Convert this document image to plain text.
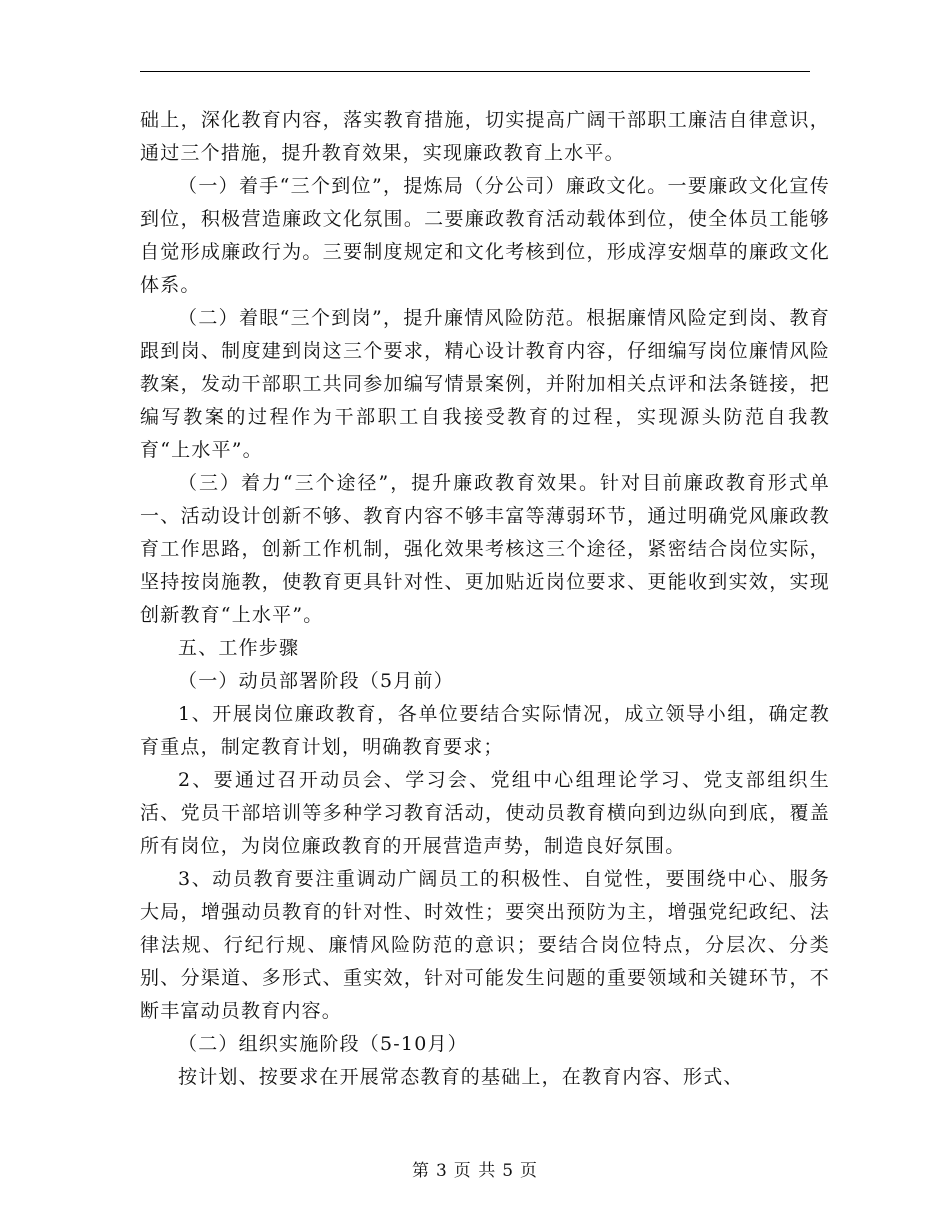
础上，深化教育内容，落实教育措施，切实提高广阔干部职工廉洁自律意识，通过三个措施，提升教育效果，实现廉政教育上水平。

（一）着手“三个到位”，提炼局（分公司）廉政文化。一要廉政文化宣传到位，积极营造廉政文化氛围。二要廉政教育活动载体到位，使全体员工能够自觉形成廉政行为。三要制度规定和文化考核到位，形成淳安烟草的廉政文化体系。

（二）着眼“三个到岗”，提升廉情风险防范。根据廉情风险定到岗、教育跟到岗、制度建到岗这三个要求，精心设计教育内容，仔细编写岗位廉情风险教案，发动干部职工共同参加编写情景案例，并附加相关点评和法条链接，把编写教案的过程作为干部职工自我接受教育的过程，实现源头防范自我教育“上水平”。

（三）着力“三个途径”，提升廉政教育效果。针对目前廉政教育形式单一、活动设计创新不够、教育内容不够丰富等薄弱环节，通过明确党风廉政教育工作思路，创新工作机制，强化效果考核这三个途径，紧密结合岗位实际，坚持按岗施教，使教育更具针对性、更加贴近岗位要求、更能收到实效，实现创新教育“上水平”。

五、工作步骤

（一）动员部署阶段（5月前）

1、开展岗位廉政教育，各单位要结合实际情况，成立领导小组，确定教育重点，制定教育计划，明确教育要求；

2、要通过召开动员会、学习会、党组中心组理论学习、党支部组织生活、党员干部培训等多种学习教育活动，使动员教育横向到边纵向到底，覆盖所有岗位，为岗位廉政教育的开展营造声势，制造良好氛围。

3、动员教育要注重调动广阔员工的积极性、自觉性，要围绕中心、服务大局，增强动员教育的针对性、时效性；要突出预防为主，增强党纪政纪、法律法规、行纪行规、廉情风险防范的意识；要结合岗位特点，分层次、分类别、分渠道、多形式、重实效，针对可能发生问题的重要领域和关键环节，不断丰富动员教育内容。

（二）组织实施阶段（5-10月）

按计划、按要求在开展常态教育的基础上，在教育内容、形式、

第 3 页 共 5 页
